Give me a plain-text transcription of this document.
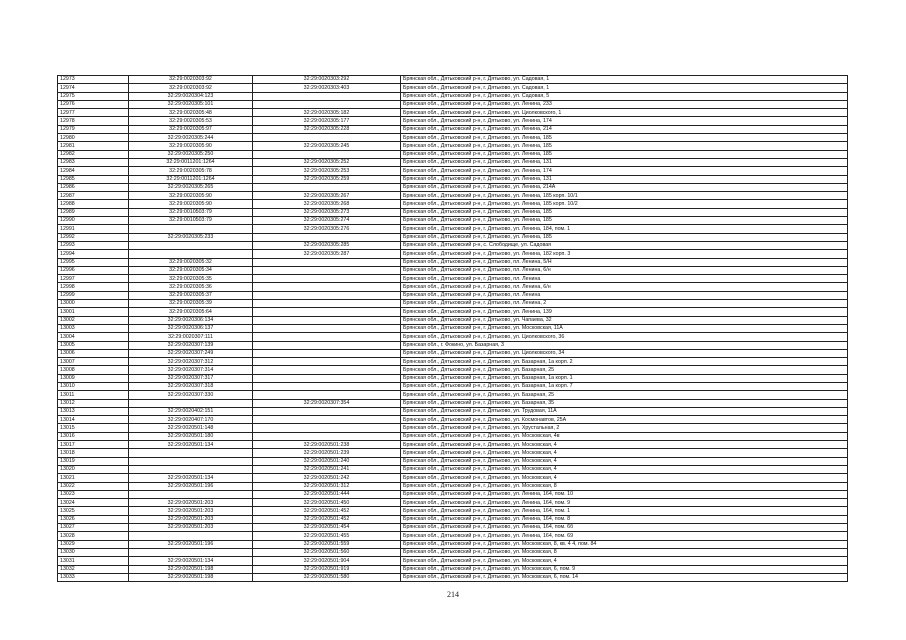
12973	32:29:0020303:92	32:29:0020303:292	Брянская обл., Дятьковский р-н, г. Дятьково, ул. Садовая, 1
12974	32:29:0020303:92	32:29:0020303:403	Брянская обл., Дятьковский р-н, г. Дятьково, ул. Садовая, 1
12975	32:29:0020304:123		Брянская обл., Дятьковский р-н, г. Дятьково, ул. Садовая, 5
12976	32:29:0020305:101		Брянская обл., Дятьковский р-н, г. Дятьково, ул. Ленина, 233
12977	32:29:0020305:48	32:29:0020305:182	Брянская обл., Дятьковский р-н, г. Дятьково, ул. Циолковского, 1
12978	32:29:0020305:53	32:29:0020305:177	Брянская обл., Дятьковский р-н, г. Дятьково, ул. Ленина, 174
12979	32:29:0020305:97	32:29:0020305:228	Брянская обл., Дятьковский р-н, г. Дятьково, ул. Ленина, 214
12980	32:29:0020305:244		Брянская обл., Дятьковский р-н, г. Дятьково, ул. Ленина, 185
12981	32:29:0020305:90	32:29:0020305:245	Брянская обл., Дятьковский р-н, г. Дятьково, ул. Ленина, 185
12982	32:29:0020305:250		Брянская обл., Дятьковский р-н, г. Дятьково, ул. Ленина, 185
12983	32:29:0011201:1264	32:29:0020305:252	Брянская обл., Дятьковский р-н, г. Дятьково, ул. Ленина, 131
12984	32:29:0020305:78	32:29:0020305:253	Брянская обл., Дятьковский р-н, г. Дятьково, ул. Ленина, 174
12985	32:29:0011201:1264	32:29:0020305:259	Брянская обл., Дятьковский р-н, г. Дятьково, ул. Ленина, 131
12986	32:29:0020305:265		Брянская обл., Дятьковский р-н, г. Дятьково, ул. Ленина, 214А
12987	32:29:0020305:90	32:29:0020305:267	Брянская обл., Дятьковский р-н, г. Дятьково, ул. Ленина, 185 корп. 10/1
12988	32:29:0020305:90	32:29:0020305:268	Брянская обл., Дятьковский р-н, г. Дятьково, ул. Ленина, 185 корп. 10/2
12989	32:29:0010503:79	32:29:0020305:273	Брянская обл., Дятьковский р-н, г. Дятьково, ул. Ленина, 185
12990	32:29:0010503:79	32:29:0020305:274	Брянская обл., Дятьковский р-н, г. Дятьково, ул. Ленина, 185
12991		32:29:0020305:276	Брянская обл., Дятьковский р-н, г. Дятьково, ул. Ленина, 184, пом. 1
12992	32:29:0020305:233		Брянская обл., Дятьковский р-н, г. Дятьково, ул. Ленина, 185
12993		32:29:0020305:285	Брянская обл., Дятьковский р-н, с. Слободище, ул. Садовая
12994		32:29:0020305:287	Брянская обл., Дятьковский р-н, г. Дятьково, ул. Ленина, 182 корп. 3
12995	32:29:0020305:32		Брянская обл., Дятьковский р-н, г. Дятьково, пл. Ленина, 5/Н
12996	32:29:0020305:34		Брянская обл., Дятьковский р-н, г. Дятьково, пл. Ленина, 6/н
12997	32:29:0020305:35		Брянская обл., Дятьковский р-н, г. Дятьково, пл. Ленина
12998	32:29:0020305:36		Брянская обл., Дятьковский р-н, г. Дятьково, пл. Ленина, 6/н
12999	32:29:0020305:37		Брянская обл., Дятьковский р-н, г. Дятьково, пл. Ленина
13000	32:29:0020305:39		Брянская обл., Дятьковский р-н, г. Дятьково, пл. Ленина, 2
13001	32:29:0020305:64		Брянская обл., Дятьковский р-н, г. Дятьково, ул. Ленина, 139
13002	32:29:0020306:134		Брянская обл., Дятьковский р-н, г. Дятьково, ул. Чапаева, 32
13003	32:29:0020306:137		Брянская обл., Дятьковский р-н, г. Дятьково, ул. Московская, 11А
13004	32:29:0020307:111		Брянская обл., Дятьковский р-н, г. Дятьково, ул. Циолковского, 36
13005	32:29:0020307:139		Брянская обл., г. Фокино, ул. Базарная, 3
13006	32:29:0020307:249		Брянская обл., Дятьковский р-н, г. Дятьково, ул. Циолковского, 34
13007	32:29:0020307:312		Брянская обл., Дятьковский р-н, г. Дятьково, ул. Базарная, 1а корп. 2
13008	32:29:0020307:314		Брянская обл., Дятьковский р-н, г. Дятьково, ул. Базарная, 25
13009	32:29:0020307:317		Брянская обл., Дятьковский р-н, г. Дятьково, ул. Базарная, 1а корп. 1
13010	32:29:0020307:318		Брянская обл., Дятьковский р-н, г. Дятьково, ул. Базарная, 1а корп. 7
13011	32:29:0020307:330		Брянская обл., Дятьковский р-н, г. Дятьково, ул. Базарная, 25
13012		32:29:0020307:354	Брянская обл., Дятьковский р-н, г. Дятьково, ул. Базарная, 35
13013	32:29:0020402:151		Брянская обл., Дятьковский р-н, г. Дятьково, ул. Трудовая, 11А
13014	32:29:0020407:170		Брянская обл., Дятьковский р-н, г. Дятьково, ул. Космонавтов, 25А
13015	32:29:0020501:148		Брянская обл., Дятьковский р-н, г. Дятьково, ул. Хрустальная, 2
13016	32:29:0020501:180		Брянская обл., Дятьковский р-н, г. Дятьково, ул. Московская, 4в
13017	32:29:0020501:134	32:29:0020501:238	Брянская обл., Дятьковский р-н, г. Дятьково, ул. Московская, 4
13018		32:29:0020501:239	Брянская обл., Дятьковский р-н, г. Дятьково, ул. Московская, 4
13019		32:29:0020501:240	Брянская обл., Дятьковский р-н, г. Дятьково, ул. Московская, 4
13020		32:29:0020501:241	Брянская обл., Дятьковский р-н, г. Дятьково, ул. Московская, 4
13021	32:29:0020501:134	32:29:0020501:242	Брянская обл., Дятьковский р-н, г. Дятьково, ул. Московская, 4
13022	32:29:0020501:196	32:29:0020501:312	Брянская обл., Дятьковский р-н, г. Дятьково, ул. Московская, 8
13023		32:29:0020501:444	Брянская обл., Дятьковский р-н, г. Дятьково, ул. Ленина, 164, пом. 10
13024	32:29:0020501:203	32:29:0020501:450	Брянская обл., Дятьковский р-н, г. Дятьково, ул. Ленина, 164, пом. 9
13025	32:29:0020501:203	32:29:0020501:452	Брянская обл., Дятьковский р-н, г. Дятьково, ул. Ленина, 164, пом. 1
13026	32:29:0020501:203	32:29:0020501:452	Брянская обл., Дятьковский р-н, г. Дятьково, ул. Ленина, 164, пом. 8
13027	32:29:0020501:203	32:29:0020501:454	Брянская обл., Дятьковский р-н, г. Дятьково, ул. Ленина, 164, пом. 6б
13028		32:29:0020501:455	Брянская обл., Дятьковский р-н, г. Дятьково, ул. Ленина, 164, пом. 69
13029	32:29:0020501:196	32:29:0020501:559	Брянская обл., Дятьковский р-н, г. Дятьково, ул. Московская, 8, кв. 4 4, пом. 84
13030		32:29:0020501:560	Брянская обл., Дятьковский р-н, г. Дятьково, ул. Московская, 8
13031	32:29:0020501:134	32:29:0020501:904	Брянская обл., Дятьковский р-н, г. Дятьково, ул. Московская, 4
13032	32:29:0020501:198	32:29:0020501:919	Брянская обл., Дятьковский р-н, г. Дятьково, ул. Московская, 6, пом. 9
13033	32:29:0020501:198	32:29:0020501:580	Брянская обл., Дятьковский р-н, г. Дятьково, ул. Московская, 6, пом. 14
214
